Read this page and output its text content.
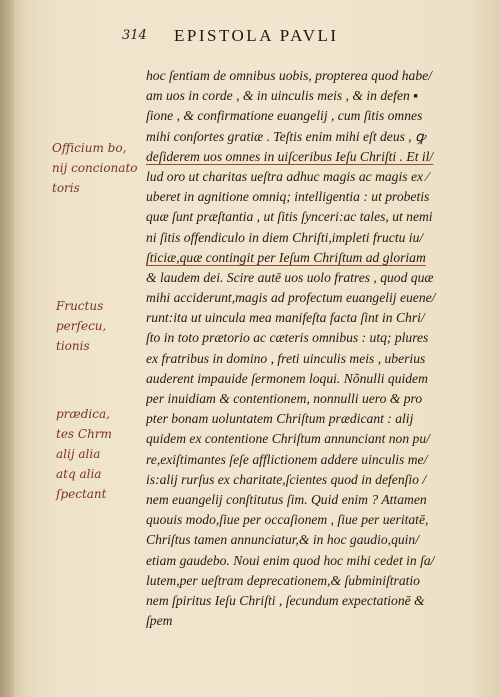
314 EPISTOLA PAVLI
Officium bo,
nij concionato
toris
Fructus
perſecu,
tionis
prædica,
tes Chrm
alij alia
atq alia
ſpectant
hoc ſentiam de omnibus uobis, propterea quod habe/
am uos in corde , & in uinculis meis , & in defen ▪
ſione , & confirmatione euangelij , cum ſitis omnes
mihi conſortes gratiæ . Teſtis enim mihi eſt deus , ꝙ
deſiderem uos omnes in uiſceribus Ieſu Chriſti . Et il/
lud oro ut charitas ueſtra adhuc magis ac magis ex ⁄
uberet in agnitione omniq; intelligentia : ut probetis
quæ ſunt præſtantia , ut ſitis ſynceri:ac tales, ut nemi
ni ſitis offendiculo in diem Chriſti,impleti fructu iu/
ſticiæ,quæ contingit per Ieſum Chriſtum ad gloriam
& laudem dei. Scire autē uos uolo fratres , quod quæ
mihi acciderunt,magis ad profectum euangelij euene/
runt:ita ut uincula mea manifeſta facta ſint in Chri/
ſto in toto prætorio ac cæteris omnibus : utq; plures
ex fratribus in domino , freti uinculis meis , uberius
auderent impauide ſermonem loqui. Nõnulli quidem
per inuidiam & contentionem, nonnulli uero & pro
pter bonam uoluntatem Chriſtum prædicant : alij
quidem ex contentione Chriſtum annunciant non pu/
re,exiſtimantes ſeſe afflictionem addere uinculis me/
is:alij rurſus ex charitate,ſcientes quod in defenſio /
nem euangelij conſtitutus ſim. Quid enim ? Attamen
quouis modo,ſiue per occaſionem , ſiue per ueritatē,
Chriſtus tamen annunciatur,& in hoc gaudio,quin/
etiam gaudebo. Noui enim quod hoc mihi cedet in ſa/
lutem,per ueſtram deprecationem,& ſubminiſtratio
nem ſpiritus Ieſu Chriſti , ſecundum expectationē &
ſpem
